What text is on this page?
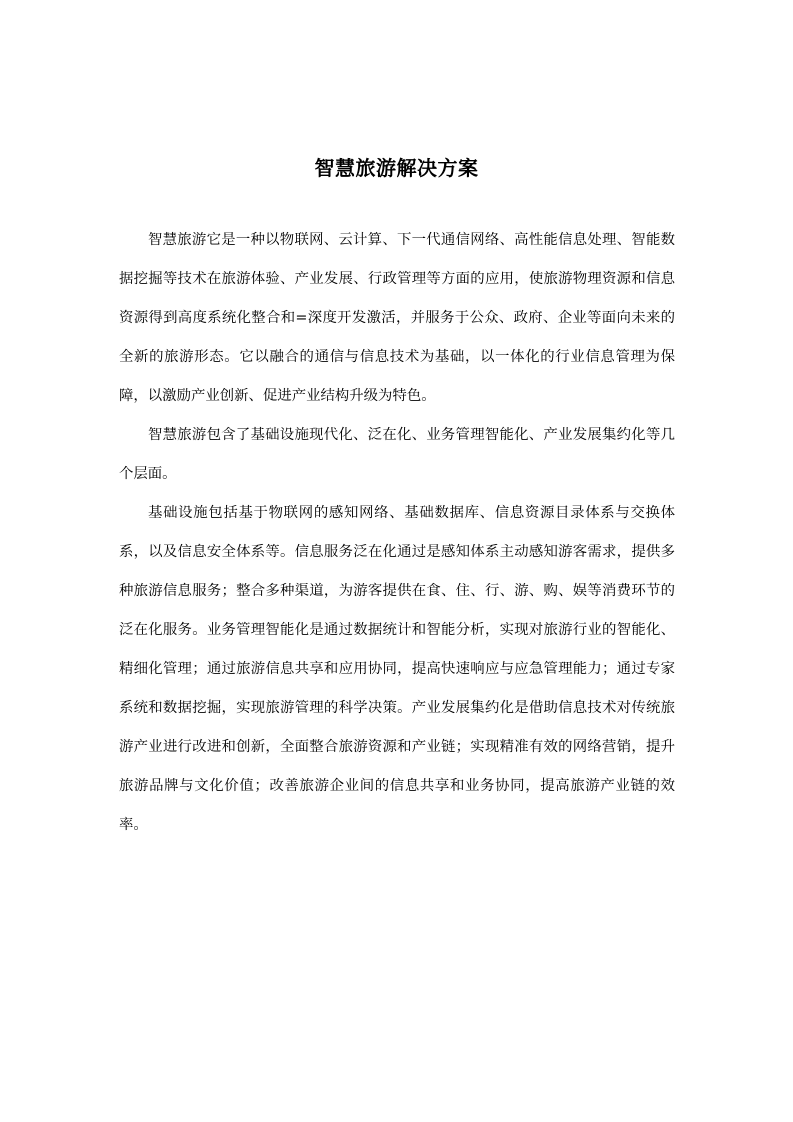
智慧旅游解决方案

智慧旅游它是一种以物联网、云计算、下一代通信网络、高性能信息处理、智能数据挖掘等技术在旅游体验、产业发展、行政管理等方面的应用，使旅游物理资源和信息资源得到高度系统化整合和=深度开发激活，并服务于公众、政府、企业等面向未来的全新的旅游形态。它以融合的通信与信息技术为基础，以一体化的行业信息管理为保障，以激励产业创新、促进产业结构升级为特色。

智慧旅游包含了基础设施现代化、泛在化、业务管理智能化、产业发展集约化等几个层面。

基础设施包括基于物联网的感知网络、基础数据库、信息资源目录体系与交换体系，以及信息安全体系等。信息服务泛在化通过是感知体系主动感知游客需求，提供多种旅游信息服务；整合多种渠道，为游客提供在食、住、行、游、购、娱等消费环节的泛在化服务。业务管理智能化是通过数据统计和智能分析，实现对旅游行业的智能化、精细化管理；通过旅游信息共享和应用协同，提高快速响应与应急管理能力；通过专家系统和数据挖掘，实现旅游管理的科学决策。产业发展集约化是借助信息技术对传统旅游产业进行改进和创新，全面整合旅游资源和产业链；实现精准有效的网络营销，提升旅游品牌与文化价值；改善旅游企业间的信息共享和业务协同，提高旅游产业链的效率。
